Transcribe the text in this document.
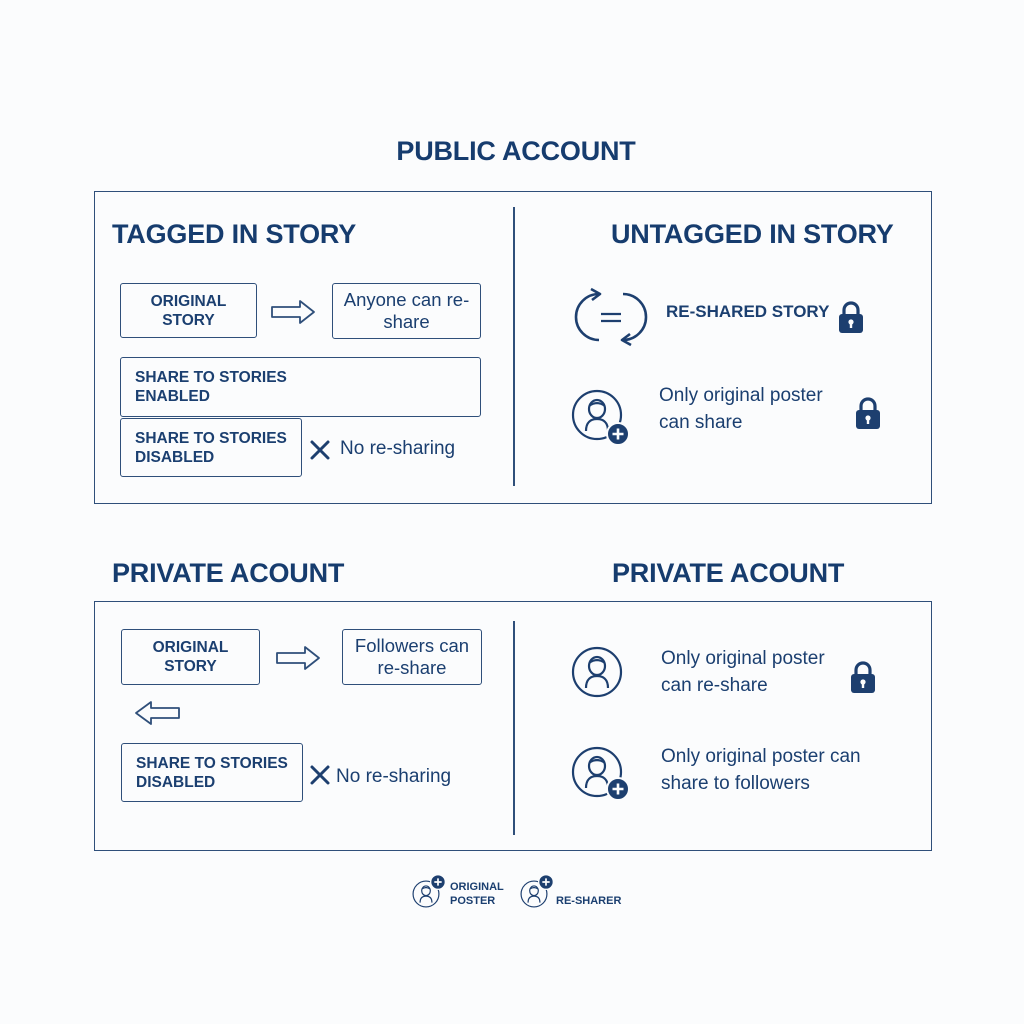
PUBLIC ACCOUNT
TAGGED IN STORY
ORIGINAL STORY
Anyone can re-share
SHARE TO STORIES ENABLED
SHARE TO STORIES DISABLED	No re-sharing
UNTAGGED IN STORY
RE-SHARED STORY
Only original poster can share
PRIVATE ACOUNT	PRIVATE ACOUNT
ORIGINAL STORY
Followers can re-share
SHARE TO STORIES DISABLED	No re-sharing
Only original poster can re-share
Only original poster can share to followers
ORIGINAL POSTER	RE-SHARER
